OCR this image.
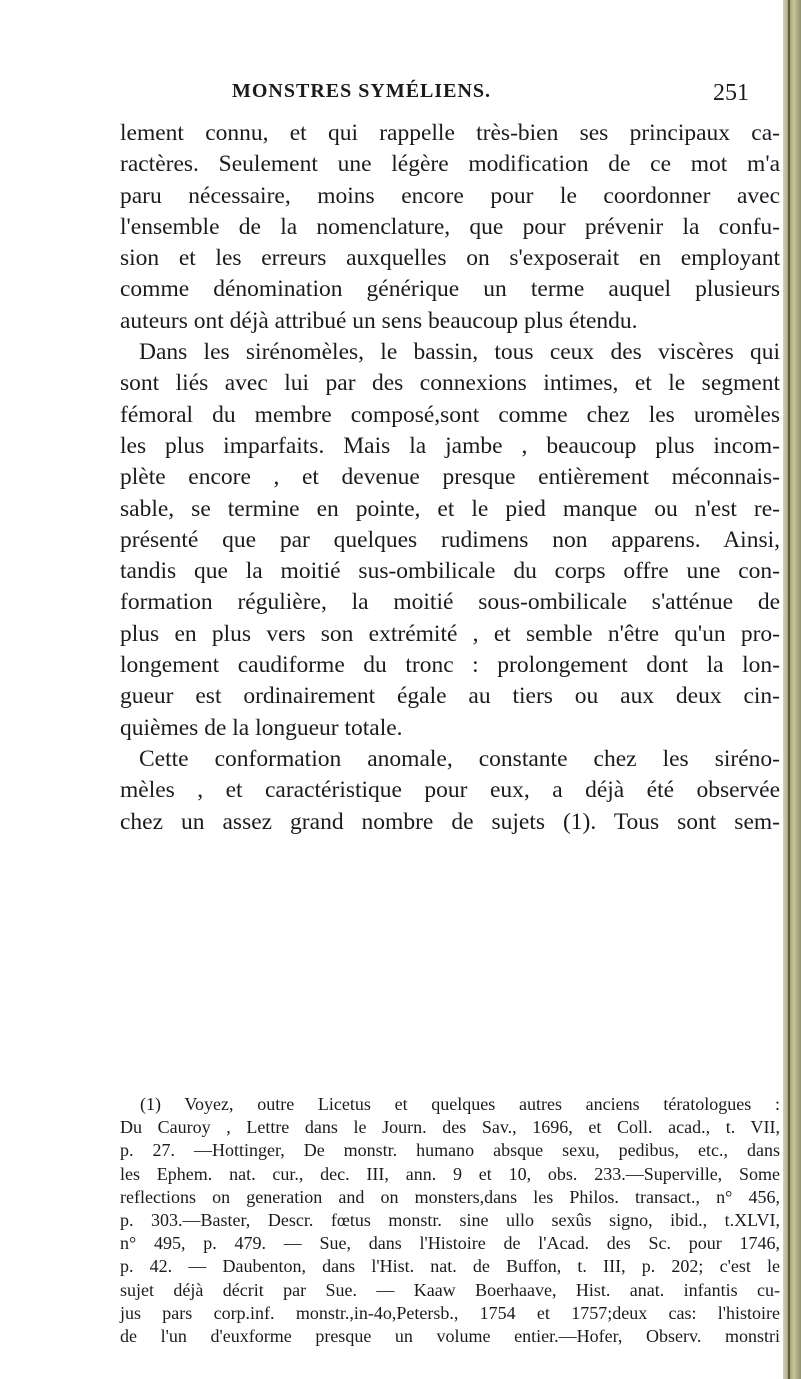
MONSTRES SYMÉLIENS.	251
lement connu, et qui rappelle très-bien ses principaux ca-
ractères. Seulement une légère modification de ce mot m'a
paru nécessaire, moins encore pour le coordonner avec
l'ensemble de la nomenclature, que pour prévenir la confu-
sion et les erreurs auxquelles on s'exposerait en employant
comme dénomination générique un terme auquel plusieurs
auteurs ont déjà attribué un sens beaucoup plus étendu.
Dans les sirénomèles, le bassin, tous ceux des viscères qui
sont liés avec lui par des connexions intimes, et le segment
fémoral du membre composé,sont comme chez les uromèles
les plus imparfaits. Mais la jambe , beaucoup plus incom-
plète encore , et devenue presque entièrement méconnais-
sable, se termine en pointe, et le pied manque ou n'est re-
présenté que par quelques rudimens non apparens. Ainsi,
tandis que la moitié sus-ombilicale du corps offre une con-
formation régulière, la moitié sous-ombilicale s'atténue de
plus en plus vers son extrémité , et semble n'être qu'un pro-
longement caudiforme du tronc : prolongement dont la lon-
gueur est ordinairement égale au tiers ou aux deux cin-
quièmes de la longueur totale.
Cette conformation anomale, constante chez les siréno-
mèles , et caractéristique pour eux, a déjà été observée
chez un assez grand nombre de sujets (1). Tous sont sem-
(1) Voyez, outre Licetus et quelques autres anciens tératologues :
Du Cauroy , Lettre dans le Journ. des Sav., 1696, et Coll. acad., t. VII,
p. 27. —Hottinger, De monstr. humano absque sexu, pedibus, etc., dans
les Ephem. nat. cur., dec. III, ann. 9 et 10, obs. 233.—Superville, Some
reflections on generation and on monsters,dans les Philos. transact., n° 456,
p. 303.—Baster, Descr. fœtus monstr. sine ullo sexûs signo, ibid., t.XLVI,
n° 495, p. 479. — Sue, dans l'Histoire de l'Acad. des Sc. pour 1746,
p. 42. — Daubenton, dans l'Hist. nat. de Buffon, t. III, p. 202; c'est le
sujet déjà décrit par Sue. — Kaaw Boerhaave, Hist. anat. infantis cu-
jus pars corp.inf. monstr.,in-4o,Petersb., 1754 et 1757;deux cas: l'histoire
de l'un d'euxforme presque un volume entier.—Hofer, Observ. monstri
